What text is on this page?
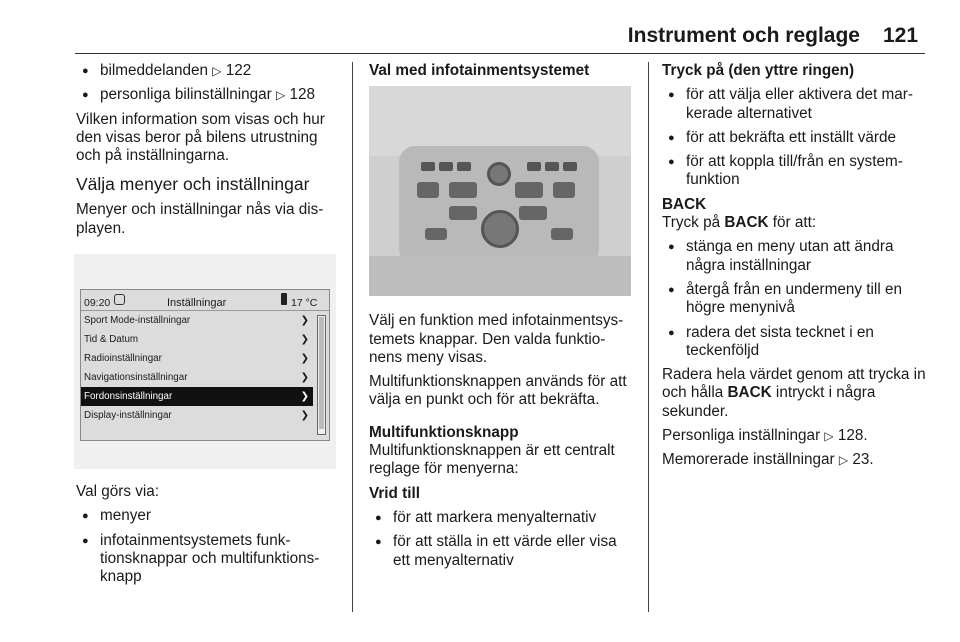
Instrument och reglage 121
● bilmeddelanden ▷ 122
● personliga bilinställningar ▷ 128

Vilken information som visas och hur den visas beror på bilens utrustning och på inställningarna.

Välja menyer och inställningar

Menyer och inställningar nås via dis-playen.

09:20	Inställningar	17 °C
Sport Mode-inställningar	❯
Tid & Datum	❯
Radioinställningar	❯
Navigationsinställningar	❯
Fordonsinställningar	❯
Display-inställningar	❯

Val görs via:

● menyer
● infotainmentsystemets funk-tionsknappar och multifunktions-knapp

Val med infotainmentsystemet

Välj en funktion med infotainmentsys-temets knappar. Den valda funktio-nens meny visas.

Multifunktionsknappen används för att välja en punkt och för att bekräfta.

Multifunktionsknapp

Multifunktionsknappen är ett centralt reglage för menyerna:

Vrid till

● för att markera menyalternativ
● för att ställa in ett värde eller visa ett menyalternativ

Tryck på (den yttre ringen)

● för att välja eller aktivera det mar-kerade alternativet
● för att bekräfta ett inställt värde
● för att koppla till/från en system-funktion
BACK

Tryck på BACK för att:

● stänga en meny utan att ändra några inställningar
● återgå från en undermeny till en högre menynivå
● radera det sista tecknet i en teckenföljd

Radera hela värdet genom att trycka in och hålla BACK intryckt i några sekunder.

Personliga inställningar ▷ 128.

Memorerade inställningar ▷ 23.
